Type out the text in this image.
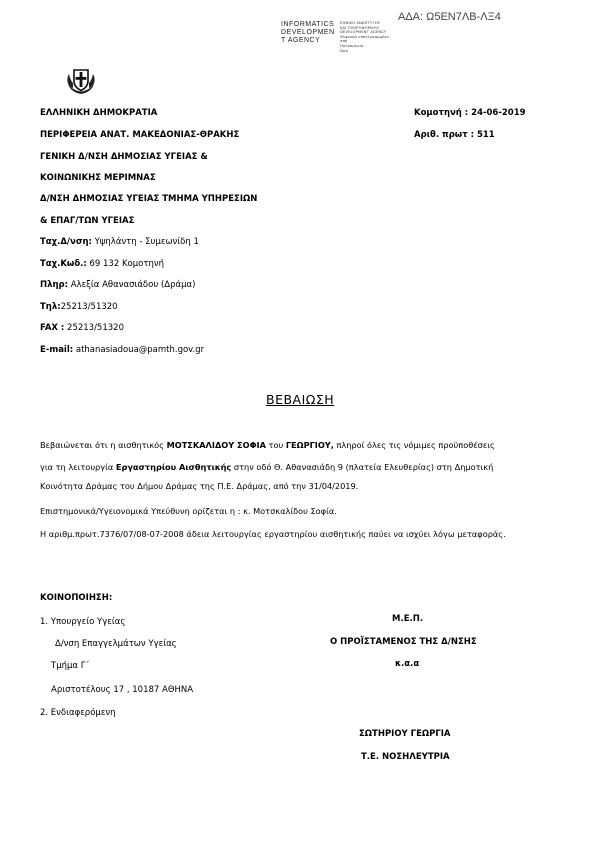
ΑΔΑ: Ω5ΕΝ7ΛΒ-ΛΞ4
INFORMATICS
DEVELOPMEN
T AGENCY
ΕΘΝΙΚΗ ΑΝΑΠΤΥΞΗΣ
ΚΑΙ ΠΛΗΡΟΦΟΡΙΚΗΣ
DEVELOPMENT AGENCY
Ψηφιακά υπογεγραμμένο
από
Ημερομηνία
Ώρα
ΕΛΛΗΝΙΚΗ ΔΗΜΟΚΡΑΤΙΑ
ΠΕΡΙΦΕΡΕΙΑ ΑΝΑΤ. ΜΑΚΕΔΟΝΙΑΣ-ΘΡΑΚΗΣ
ΓΕΝΙΚΗ Δ/ΝΣΗ ΔΗΜΟΣΙΑΣ ΥΓΕΙΑΣ &
ΚΟΙΝΩΝΙΚΗΣ ΜΕΡΙΜΝΑΣ
Δ/ΝΣΗ ΔΗΜΟΣΙΑΣ ΥΓΕΙΑΣ ΤΜΗΜΑ ΥΠΗΡΕΣΙΩΝ
& ΕΠΑΓ/ΤΩΝ ΥΓΕΙΑΣ
Κομοτηνή : 24-06-2019
Αριθ. πρωτ : 511
Ταχ.Δ/νση: Υψηλάντη - Συμεωνίδη 1
Ταχ.Κωδ.: 69 132 Κομοτηνή
Πληρ: Αλεξία Αθανασιάδου (Δράμα)
Τηλ:25213/51320
FAX : 25213/51320
E-mail: athanasiadoua@pamth.gov.gr
ΒΕΒΑΙΩΣΗ
Βεβαιώνεται ότι η αισθητικός ΜΟΤΣΚΑΛΙΔΟΥ ΣΟΦΙΑ του ΓΕΩΡΓΙΟΥ, πληροί όλες τις νόμιμες προϋποθέσεις
για τη λειτουργία Εργαστηρίου Αισθητικής στην οδό Θ. Αθανασιάδη 9 (πλατεία Ελευθερίας) στη Δημοτική
Κοινότητα Δράμας του Δήμου Δράμας της Π.Ε. Δράμας, από την 31/04/2019.
Επιστημονικά/Υγειονομικά Υπεύθυνη ορίζεται η : κ. Μοτσκαλίδου Σοφία.
Η αριθμ.πρωτ.7376/07/08-07-2008 άδεια λειτουργίας εργαστηρίου αισθητικής παύει να ισχύει λόγω μεταφοράς.
ΚΟΙΝΟΠΟΙΗΣΗ:
1. Υπουργείο Υγείας
Δ/νση Επαγγελμάτων Υγείας
Τμήμα Γ΄
Αριστοτέλους 17 , 10187 ΑΘΗΝΑ
2. Ενδιαφερόμενη
Μ.Ε.Π.
Ο ΠΡΟΪΣΤΑΜΕΝΟΣ ΤΗΣ Δ/ΝΣΗΣ
κ.α.α
ΣΩΤΗΡΙΟΥ ΓΕΩΡΓΙΑ
Τ.Ε. ΝΟΣΗΛΕΥΤΡΙΑ
